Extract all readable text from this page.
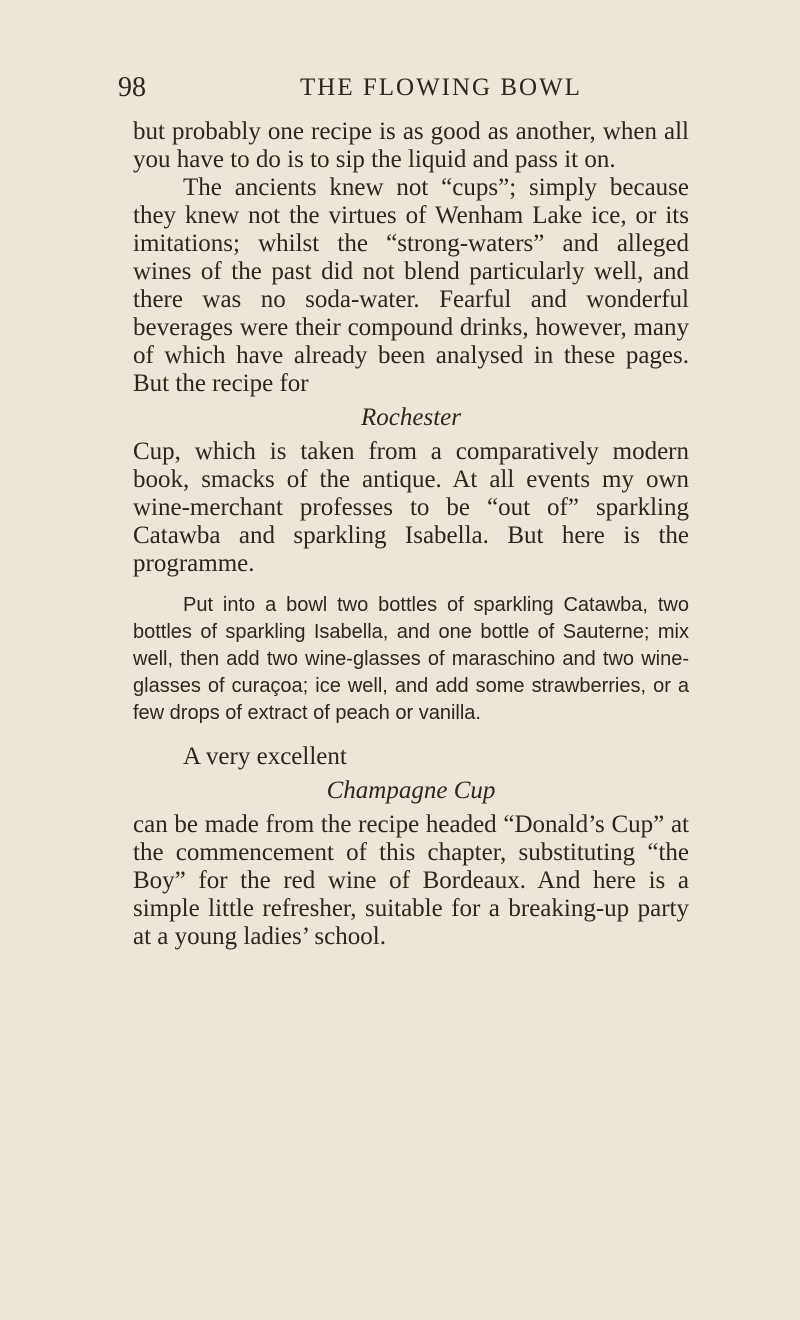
98	THE FLOWING BOWL

but probably one recipe is as good as another, when all you have to do is to sip the liquid and pass it on.

The ancients knew not “cups”; simply because they knew not the virtues of Wenham Lake ice, or its imitations; whilst the “strong-waters” and alleged wines of the past did not blend particularly well, and there was no soda-water. Fearful and wonderful beverages were their compound drinks, however, many of which have already been analysed in these pages. But the recipe for

Rochester

Cup, which is taken from a comparatively modern book, smacks of the antique. At all events my own wine-merchant professes to be “out of” sparkling Catawba and sparkling Isabella. But here is the programme.

Put into a bowl two bottles of sparkling Catawba, two bottles of sparkling Isabella, and one bottle of Sauterne; mix well, then add two wine-glasses of maraschino and two wine-glasses of curaçoa; ice well, and add some strawberries, or a few drops of extract of peach or vanilla.

A very excellent

Champagne Cup

can be made from the recipe headed “Donald’s Cup” at the commencement of this chapter, substituting “the Boy” for the red wine of Bordeaux. And here is a simple little refresher, suitable for a breaking-up party at a young ladies’ school.
